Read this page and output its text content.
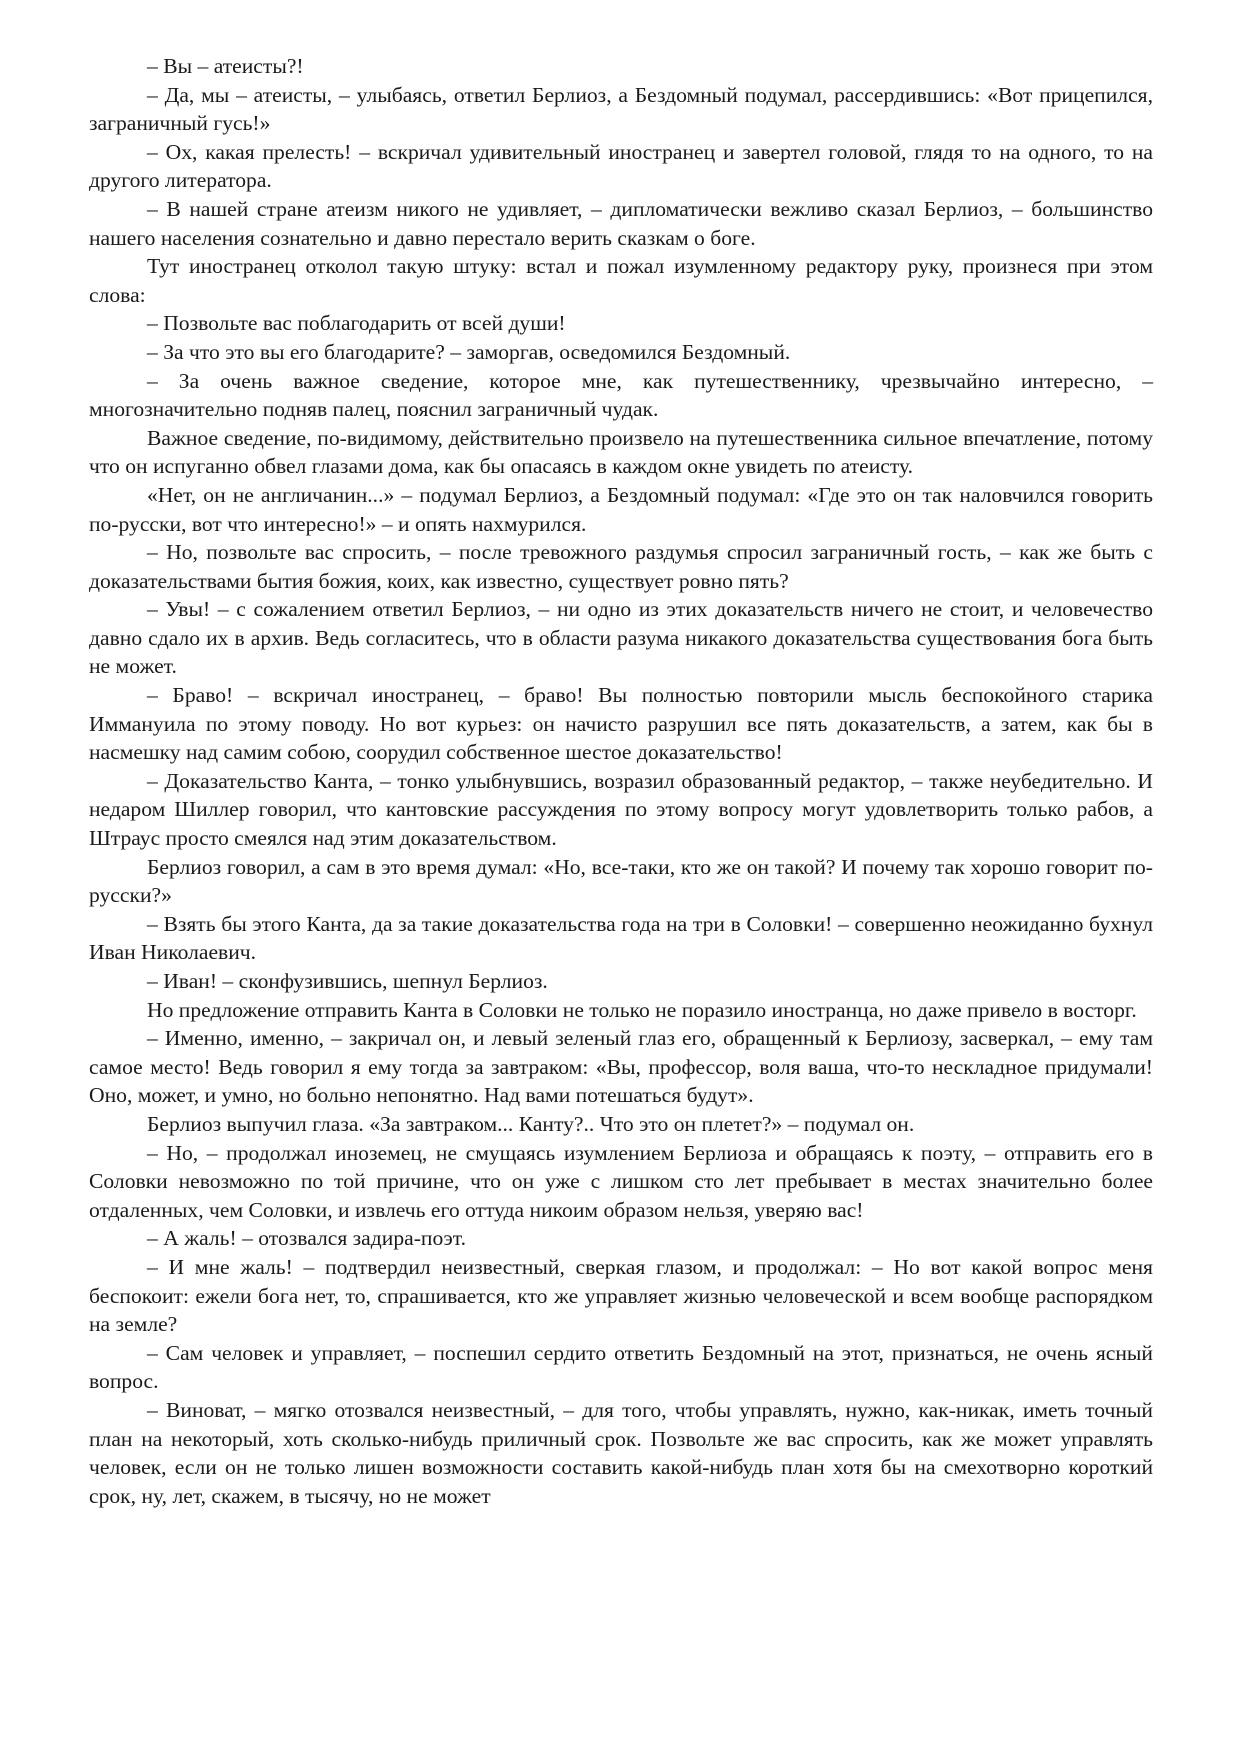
– Вы – атеисты?!

– Да, мы – атеисты, – улыбаясь, ответил Берлиоз, а Бездомный подумал, рассердившись: «Вот прицепился, заграничный гусь!»

– Ох, какая прелесть! – вскричал удивительный иностранец и завертел головой, глядя то на одного, то на другого литератора.

– В нашей стране атеизм никого не удивляет, – дипломатически вежливо сказал Берлиоз, – большинство нашего населения сознательно и давно перестало верить сказкам о боге.

Тут иностранец отколол такую штуку: встал и пожал изумленному редактору руку, произнеся при этом слова:

– Позвольте вас поблагодарить от всей души!

– За что это вы его благодарите? – заморгав, осведомился Бездомный.

– За очень важное сведение, которое мне, как путешественнику, чрезвычайно интересно, – многозначительно подняв палец, пояснил заграничный чудак.

Важное сведение, по-видимому, действительно произвело на путешественника сильное впечатление, потому что он испуганно обвел глазами дома, как бы опасаясь в каждом окне увидеть по атеисту.

«Нет, он не англичанин...» – подумал Берлиоз, а Бездомный подумал: «Где это он так наловчился говорить по-русски, вот что интересно!» – и опять нахмурился.

– Но, позвольте вас спросить, – после тревожного раздумья спросил заграничный гость, – как же быть с доказательствами бытия божия, коих, как известно, существует ровно пять?

– Увы! – с сожалением ответил Берлиоз, – ни одно из этих доказательств ничего не стоит, и человечество давно сдало их в архив. Ведь согласитесь, что в области разума никакого доказательства существования бога быть не может.

– Браво! – вскричал иностранец, – браво! Вы полностью повторили мысль беспокойного старика Иммануила по этому поводу. Но вот курьез: он начисто разрушил все пять доказательств, а затем, как бы в насмешку над самим собою, соорудил собственное шестое доказательство!

– Доказательство Канта, – тонко улыбнувшись, возразил образованный редактор, – также неубедительно. И недаром Шиллер говорил, что кантовские рассуждения по этому вопросу могут удовлетворить только рабов, а Штраус просто смеялся над этим доказательством.

Берлиоз говорил, а сам в это время думал: «Но, все-таки, кто же он такой? И почему так хорошо говорит по-русски?»

– Взять бы этого Канта, да за такие доказательства года на три в Соловки! – совершенно неожиданно бухнул Иван Николаевич.

– Иван! – сконфузившись, шепнул Берлиоз.

Но предложение отправить Канта в Соловки не только не поразило иностранца, но даже привело в восторг.

– Именно, именно, – закричал он, и левый зеленый глаз его, обращенный к Берлиозу, засверкал, – ему там самое место! Ведь говорил я ему тогда за завтраком: «Вы, профессор, воля ваша, что-то нескладное придумали! Оно, может, и умно, но больно непонятно. Над вами потешаться будут».

Берлиоз выпучил глаза. «За завтраком... Канту?.. Что это он плетет?» – подумал он.

– Но, – продолжал иноземец, не смущаясь изумлением Берлиоза и обращаясь к поэту, – отправить его в Соловки невозможно по той причине, что он уже с лишком сто лет пребывает в местах значительно более отдаленных, чем Соловки, и извлечь его оттуда никоим образом нельзя, уверяю вас!

– А жаль! – отозвался задира-поэт.

– И мне жаль! – подтвердил неизвестный, сверкая глазом, и продолжал: – Но вот какой вопрос меня беспокоит: ежели бога нет, то, спрашивается, кто же управляет жизнью человеческой и всем вообще распорядком на земле?

– Сам человек и управляет, – поспешил сердито ответить Бездомный на этот, признаться, не очень ясный вопрос.

– Виноват, – мягко отозвался неизвестный, – для того, чтобы управлять, нужно, как-никак, иметь точный план на некоторый, хоть сколько-нибудь приличный срок. Позвольте же вас спросить, как же может управлять человек, если он не только лишен возможности составить какой-нибудь план хотя бы на смехотворно короткий срок, ну, лет, скажем, в тысячу, но не может
